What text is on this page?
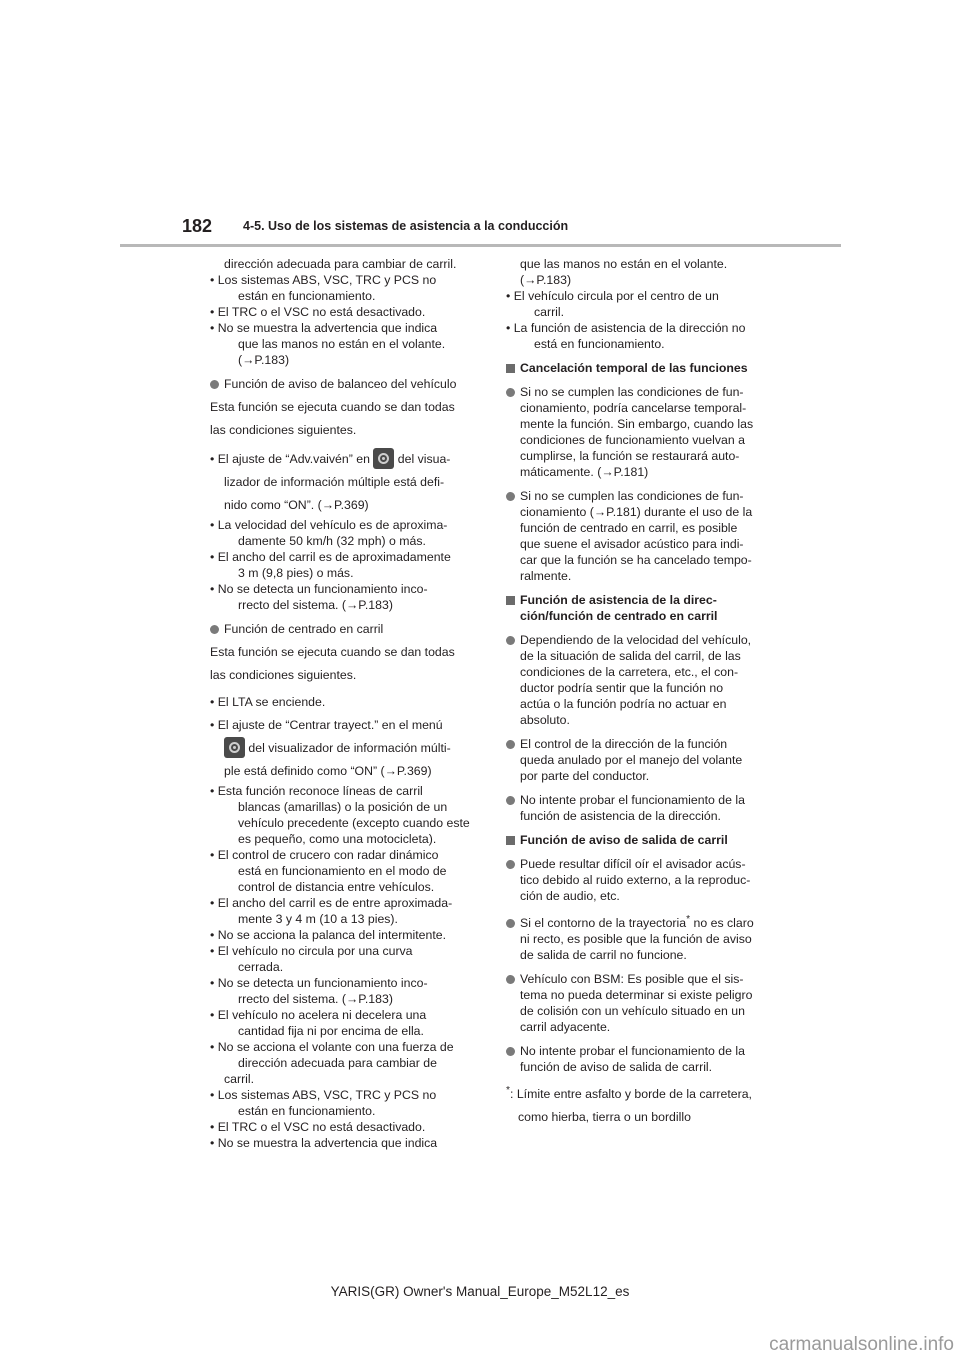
182 4-5. Uso de los sistemas de asistencia a la conducción
dirección adecuada para cambiar de carril.
• Los sistemas ABS, VSC, TRC y PCS no
están en funcionamiento.
• El TRC o el VSC no está desactivado.
• No se muestra la advertencia que indica
que las manos no están en el volante.
(→P.183)
Función de aviso de balanceo del vehículo
Esta función se ejecuta cuando se dan todas
las condiciones siguientes.
• El ajuste de “Adv.vaivén” en del visua-
lizador de información múltiple está defi-
nido como “ON”. (→P.369)
• La velocidad del vehículo es de aproxima-
damente 50 km/h (32 mph) o más.
• El ancho del carril es de aproximadamente
3 m (9,8 pies) o más.
• No se detecta un funcionamiento inco-
rrecto del sistema. (→P.183)
Función de centrado en carril
Esta función se ejecuta cuando se dan todas
las condiciones siguientes.
• El LTA se enciende.
• El ajuste de “Centrar trayect.” en el menú
del visualizador de información múlti-
ple está definido como “ON” (→P.369)
• Esta función reconoce líneas de carril
blancas (amarillas) o la posición de un
vehículo precedente (excepto cuando este
es pequeño, como una motocicleta).
• El control de crucero con radar dinámico
está en funcionamiento en el modo de
control de distancia entre vehículos.
• El ancho del carril es de entre aproximada-
mente 3 y 4 m (10 a 13 pies).
• No se acciona la palanca del intermitente.
• El vehículo no circula por una curva
cerrada.
• No se detecta un funcionamiento inco-
rrecto del sistema. (→P.183)
• El vehículo no acelera ni decelera una
cantidad fija ni por encima de ella.
• No se acciona el volante con una fuerza de
dirección adecuada para cambiar de carril.
• Los sistemas ABS, VSC, TRC y PCS no
están en funcionamiento.
• El TRC o el VSC no está desactivado.
• No se muestra la advertencia que indica
que las manos no están en el volante.
(→P.183)
• El vehículo circula por el centro de un
carril.
• La función de asistencia de la dirección no
está en funcionamiento.
Cancelación temporal de las funciones
Si no se cumplen las condiciones de fun-
cionamiento, podría cancelarse temporal-
mente la función. Sin embargo, cuando las
condiciones de funcionamiento vuelvan a
cumplirse, la función se restaurará auto-
máticamente. (→P.181)
Si no se cumplen las condiciones de fun-
cionamiento (→P.181) durante el uso de la
función de centrado en carril, es posible
que suene el avisador acústico para indi-
car que la función se ha cancelado tempo-
ralmente.
Función de asistencia de la direc-
ción/función de centrado en carril
Dependiendo de la velocidad del vehículo,
de la situación de salida del carril, de las
condiciones de la carretera, etc., el con-
ductor podría sentir que la función no
actúa o la función podría no actuar en
absoluto.
El control de la dirección de la función
queda anulado por el manejo del volante
por parte del conductor.
No intente probar el funcionamiento de la
función de asistencia de la dirección.
Función de aviso de salida de carril
Puede resultar difícil oír el avisador acús-
tico debido al ruido externo, a la reproduc-
ción de audio, etc.
Si el contorno de la trayectoria* no es claro
ni recto, es posible que la función de aviso
de salida de carril no funcione.
Vehículo con BSM: Es posible que el sis-
tema no pueda determinar si existe peligro
de colisión con un vehículo situado en un
carril adyacente.
No intente probar el funcionamiento de la
función de aviso de salida de carril.
*: Límite entre asfalto y borde de la carretera,
como hierba, tierra o un bordillo
YARIS(GR) Owner's Manual_Europe_M52L12_es
carmanualsonline.info
